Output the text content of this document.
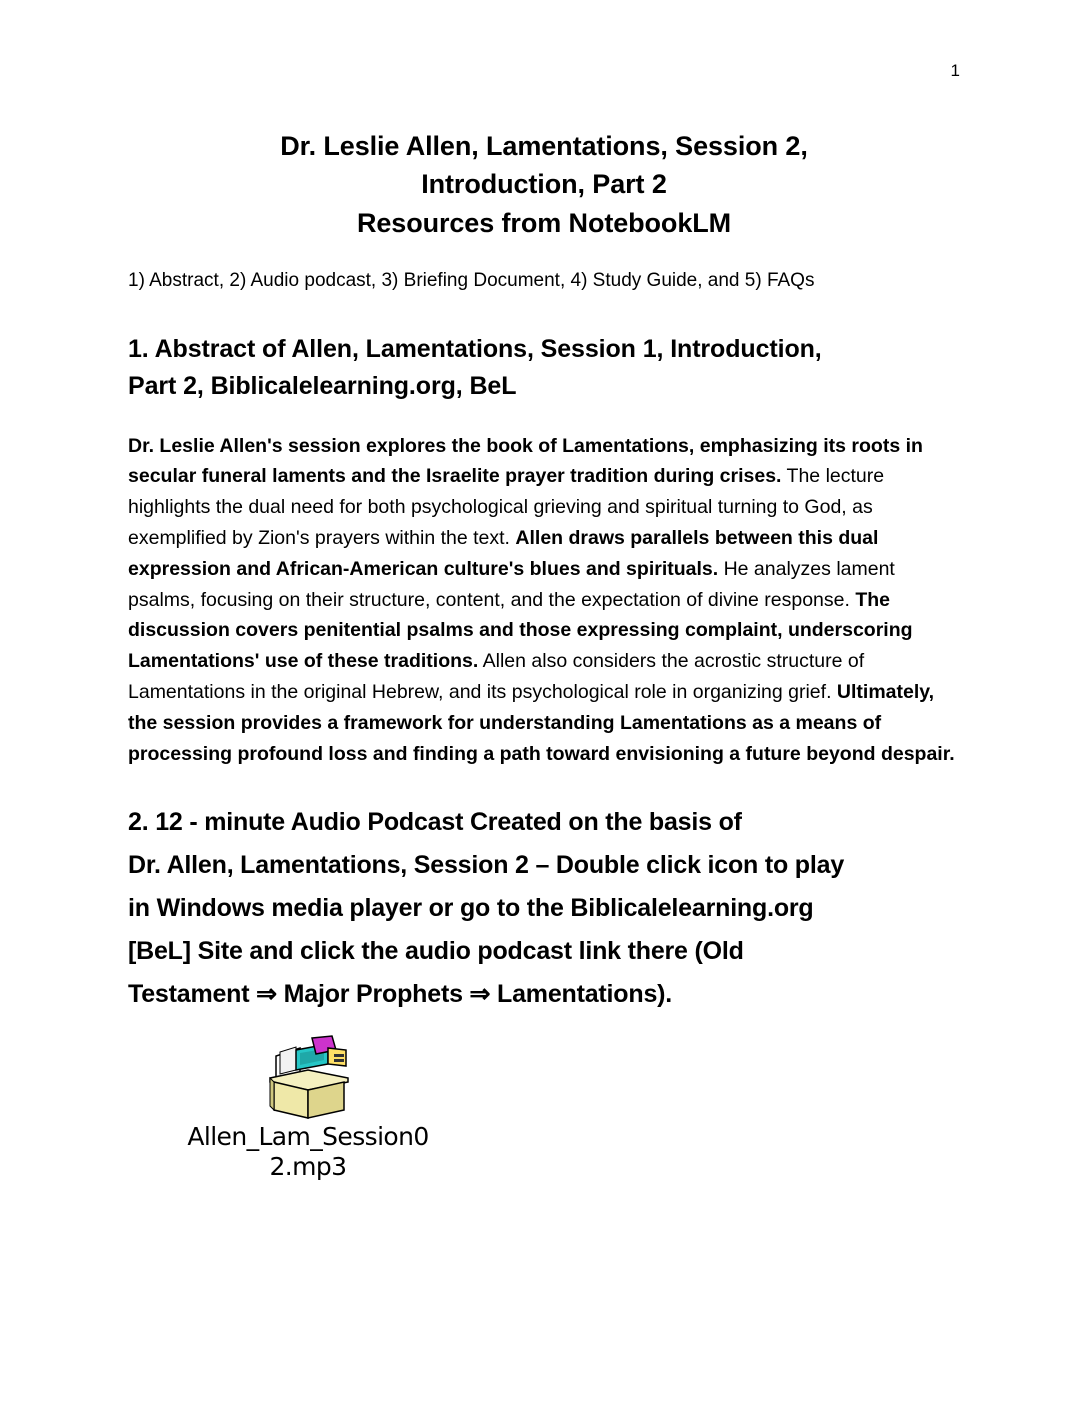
1
Dr. Leslie Allen, Lamentations, Session 2,
Introduction, Part 2
Resources from NotebookLM

1) Abstract, 2) Audio podcast, 3) Briefing Document, 4) Study Guide, and 5) FAQs

1. Abstract of Allen, Lamentations, Session 1, Introduction,
Part 2, Biblicalelearning.org, BeL

Dr. Leslie Allen's session explores the book of Lamentations, emphasizing its roots in secular funeral laments and the Israelite prayer tradition during crises. The lecture highlights the dual need for both psychological grieving and spiritual turning to God, as exemplified by Zion's prayers within the text. Allen draws parallels between this dual expression and African-American culture's blues and spirituals. He analyzes lament psalms, focusing on their structure, content, and the expectation of divine response. The discussion covers penitential psalms and those expressing complaint, underscoring Lamentations' use of these traditions. Allen also considers the acrostic structure of Lamentations in the original Hebrew, and its psychological role in organizing grief. Ultimately, the session provides a framework for understanding Lamentations as a means of processing profound loss and finding a path toward envisioning a future beyond despair.

2. 12 - minute Audio Podcast Created on the basis of
Dr. Allen, Lamentations, Session 2 – Double click icon to play
in Windows media player or go to the Biblicalelearning.org
[BeL] Site and click the audio podcast link there (Old
Testament ⇒ Major Prophets ⇒ Lamentations).
Allen_Lam_Session0
2.mp3
